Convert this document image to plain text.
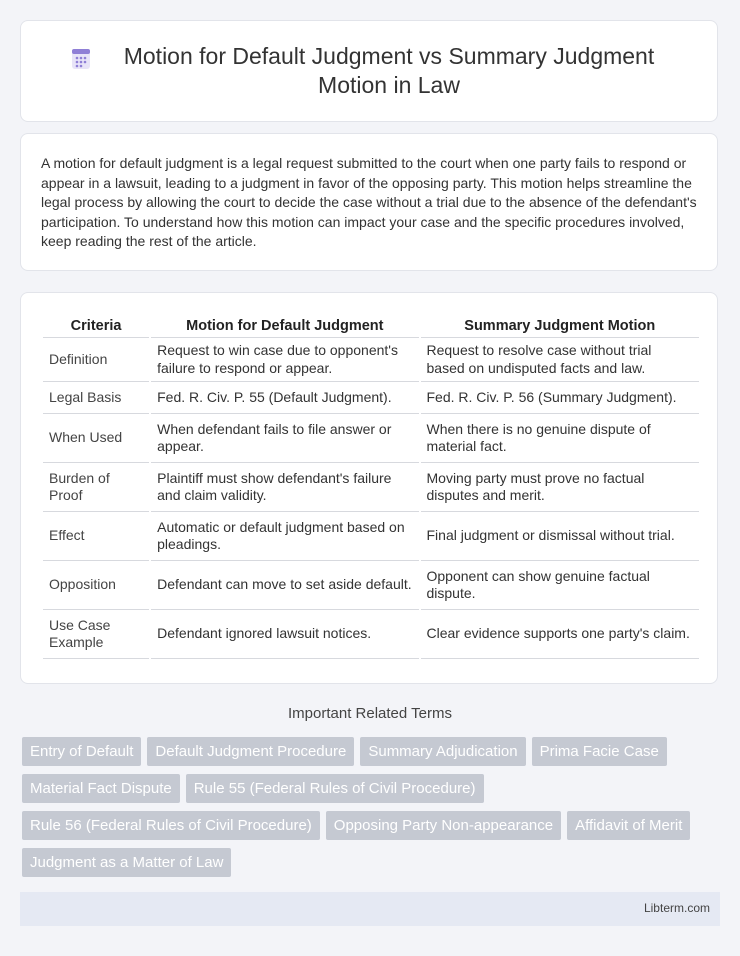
Motion for Default Judgment vs Summary Judgment Motion in Law

A motion for default judgment is a legal request submitted to the court when one party fails to respond or appear in a lawsuit, leading to a judgment in favor of the opposing party. This motion helps streamline the legal process by allowing the court to decide the case without a trial due to the absence of the defendant's participation. To understand how this motion can impact your case and the specific procedures involved, keep reading the rest of the article.

Criteria	Motion for Default Judgment	Summary Judgment Motion
Definition	Request to win case due to opponent's failure to respond or appear.	Request to resolve case without trial based on undisputed facts and law.
Legal Basis	Fed. R. Civ. P. 55 (Default Judgment).	Fed. R. Civ. P. 56 (Summary Judgment).
When Used	When defendant fails to file answer or appear.	When there is no genuine dispute of material fact.
Burden of Proof	Plaintiff must show defendant's failure and claim validity.	Moving party must prove no factual disputes and merit.
Effect	Automatic or default judgment based on pleadings.	Final judgment or dismissal without trial.
Opposition	Defendant can move to set aside default.	Opponent can show genuine factual dispute.
Use Case Example	Defendant ignored lawsuit notices.	Clear evidence supports one party's claim.
Important Related Terms
Entry of Default	Default Judgment Procedure	Summary Adjudication	Prima Facie Case
Material Fact Dispute	Rule 55 (Federal Rules of Civil Procedure)
Rule 56 (Federal Rules of Civil Procedure)	Opposing Party Non-appearance	Affidavit of Merit
Judgment as a Matter of Law
Libterm.com
